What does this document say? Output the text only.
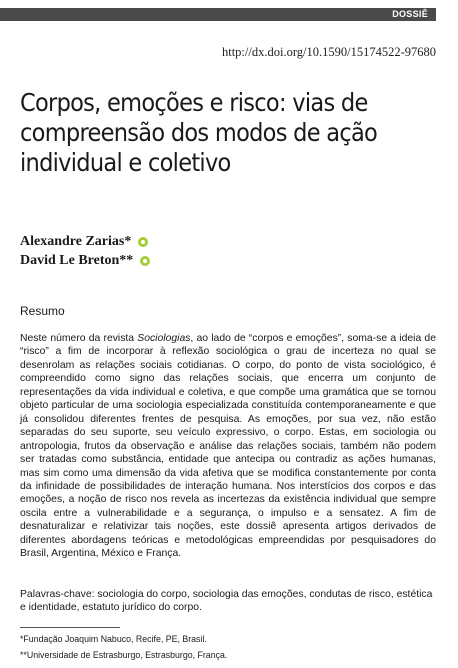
DOSSIÊ
http://dx.doi.org/10.1590/15174522-97680
Corpos, emoções e risco: vias de
compreensão dos modos de ação
individual e coletivo
Alexandre Zarias*
David Le Breton**
Resumo

Neste número da revista Sociologias, ao lado de “corpos e emoções”, soma-se a ideia de “risco” a fim de incorporar à reflexão sociológica o grau de incerteza no qual se desenrolam as relações sociais cotidianas. O corpo, do ponto de vista sociológico, é compreendido como signo das relações sociais, que encerra um conjunto de representações da vida individual e coletiva, e que compõe uma gramática que se tornou objeto particular de uma sociologia especializada constituída contemporaneamente e que já consolidou diferentes frentes de pesquisa. As emoções, por sua vez, não estão separadas do seu suporte, seu veículo expressivo, o corpo. Estas, em sociologia ou antropologia, frutos da observação e análise das relações sociais, também não podem ser tratadas como substância, entidade que antecipa ou contradiz as ações humanas, mas sim como uma dimensão da vida afetiva que se modifica constantemente por conta da infinidade de possibilidades de interação humana. Nos interstícios dos corpos e das emoções, a noção de risco nos revela as incertezas da existência individual que sempre oscila entre a vulnerabilidade e a segurança, o impulso e a sensatez. A fim de desnaturalizar e relativizar tais noções, este dossiê apresenta artigos derivados de diferentes abordagens teóricas e metodológicas empreendidas por pesquisadores do Brasil, Argentina, México e França.

Palavras-chave: sociologia do corpo, sociologia das emoções, condutas de risco, estética e identidade, estatuto jurídico do corpo.

*Fundação Joaquim Nabuco, Recife, PE, Brasil.
**Universidade de Estrasburgo, Estrasburgo, França.
